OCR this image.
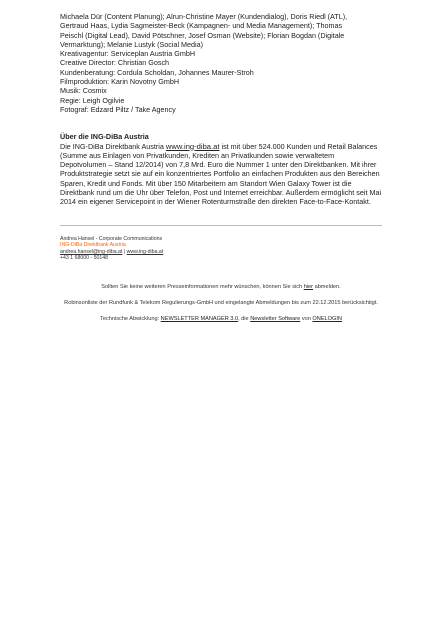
Michaela Dür (Content Planung); Alrun-Christine Mayer (Kundendialog), Doris Riedl (ATL),

Gertraud Haas, Lydia Sagmeister-Beck (Kampagnen- und Media Management); Thomas

Peischl (Digital Lead), David Pötschner, Josef Osman (Website); Florian Bogdan (Digitale

Vermarktung); Melanie Lustyk (Social Media)

Kreativagentur: Serviceplan Austria GmbH

Creative Director: Christian Gosch

Kundenberatung: Cordula Scholdan, Johannes Maurer-Stroh

Filmproduktion: Karin Novotny GmbH

Musik: Cosmix

Regie: Leigh Ogilvie

Fotograf: Edzard Piltz / Take Agency

Über die ING-DiBa Austria

Die ING-DiBa Direktbank Austria www.ing-diba.at ist mit über 524.000 Kunden und Retail Balances (Summe aus Einlagen von Privatkunden, Krediten an Privatkunden sowie verwaltetem Depotvolumen – Stand 12/2014) von 7,8 Mrd. Euro die Nummer 1 unter den Direktbanken. Mit ihrer Produktstrategie setzt sie auf ein konzentriertes Portfolio an einfachen Produkten aus den Bereichen Sparen, Kredit und Fonds. Mit über 150 Mitarbeitern am Standort Wien Galaxy Tower ist die Direktbank rund um die Uhr über Telefon, Post und Internet erreichbar. Außerdem ermöglicht seit Mai 2014 ein eigener Servicepoint in der Wiener Rotenturmstraße den direkten Face-to-Face-Kontakt.

Andrea Hansel - Corporate Communications
ING-DiBa Direktbank Austria
andrea.hansel@ing-diba.at | www.ing-diba.at
+43 1 68000 - 50148

Sollten Sie keine weiteren Presseinformationen mehr wünschen, können Sie sich hier abmelden.

Robinsonliste der Rundfunk & Telekom Regulierungs-GmbH und eingelangte Abmeldungen bis zum 22.12.2015 berücksichtigt.

Technische Abwicklung: NEWSLETTER MANAGER 3.0, die Newsletter Software von ONELOGIN
